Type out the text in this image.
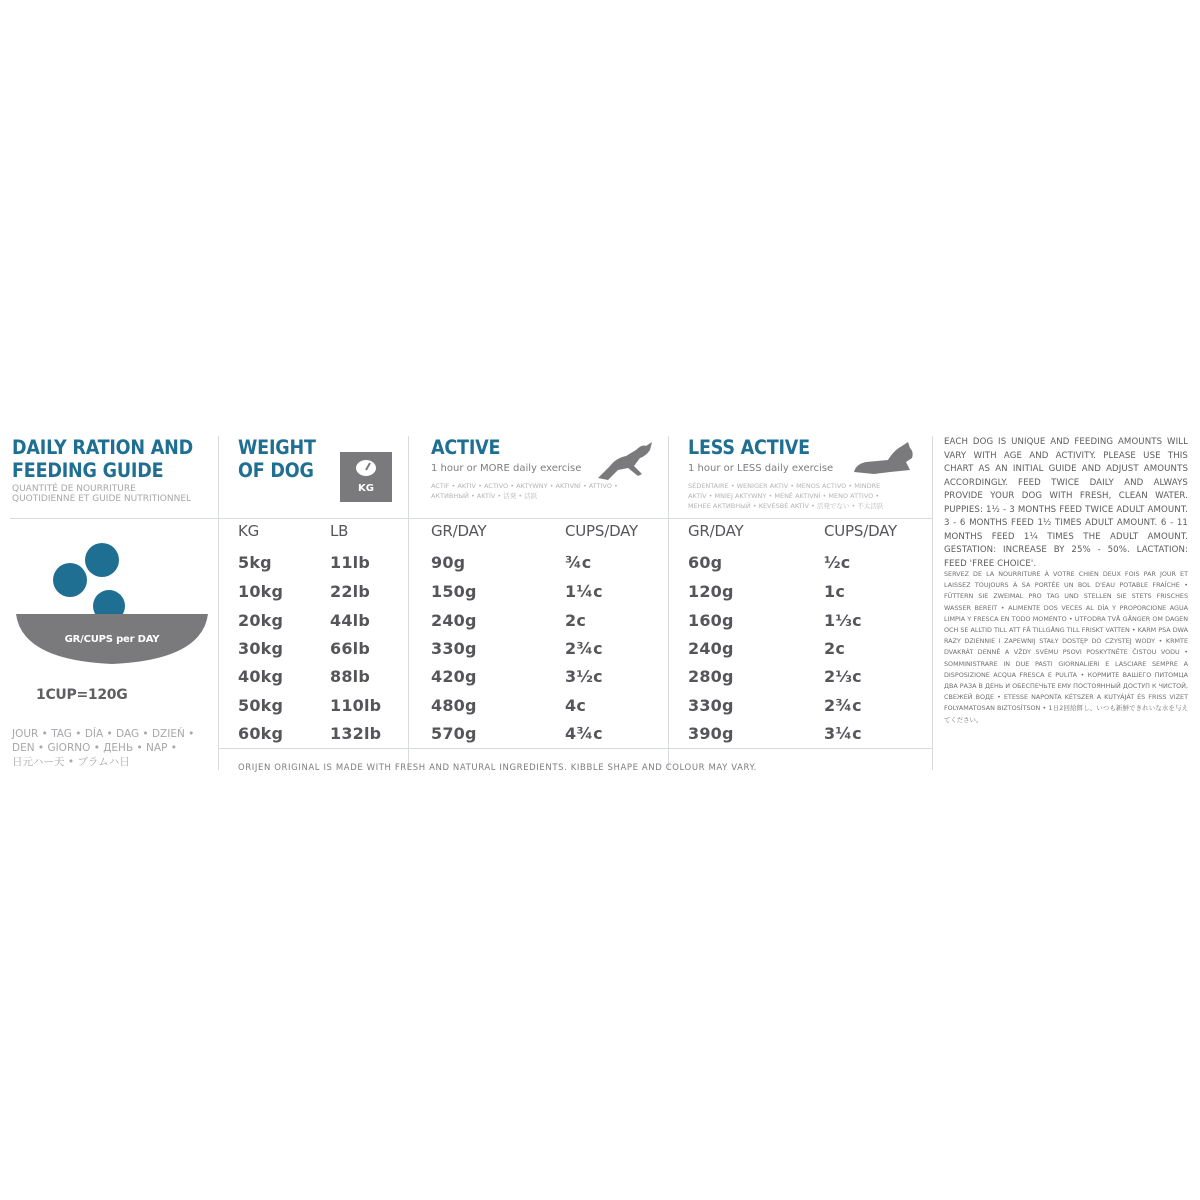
DAILY RATION AND
FEEDING GUIDE
QUANTITÉ DE NOURRITURE
QUOTIDIENNE ET GUIDE NUTRITIONNEL
GR/CUPS per DAY
1CUP=120G
JOUR • TAG • DÍA • DAG • DZIEŃ •
DEN • GIORNO • ДЕНЬ • NAP •
日元ハー天 • ブラムハ日
WEIGHT
OF DOG
KG
ACTIVE
1 hour or MORE daily exercise
ACTIF • AKTIV • ACTIVO • AKTYWNY • AKTIVNÍ • ATTIVO •
АКТИВНЫЙ • AKTÍV • 活発 • 活跃
LESS ACTIVE
1 hour or LESS daily exercise
SÉDENTAIRE • WENIGER AKTIV • MENOS ACTIVO • MINDRE
AKTIV • MNIEJ AKTYWNY • MÉNĚ AKTIVNÍ • MENO ATTIVO •
МЕНЕЕ АКТИВНЫЙ • KEVÉSBÉ AKTÍV • 活発でない • 不太活跃
KG	LB	GR/DAY	CUPS/DAY	GR/DAY	CUPS/DAY
5kg	11lb	90g	¾c	60g	½c
10kg	22lb	150g	1¼c	120g	1c
20kg	44lb	240g	2c	160g	1⅓c
30kg	66lb	330g	2¾c	240g	2c
40kg	88lb	420g	3½c	280g	2⅓c
50kg	110lb	480g	4c	330g	2¾c
60kg	132lb	570g	4¾c	390g	3¼c
ORIJEN ORIGINAL IS MADE WITH FRESH AND NATURAL INGREDIENTS. KIBBLE SHAPE AND COLOUR MAY VARY.
EACH DOG IS UNIQUE AND FEEDING AMOUNTS WILL VARY WITH AGE AND ACTIVITY. PLEASE USE THIS CHART AS AN INITIAL GUIDE AND ADJUST AMOUNTS ACCORDINGLY. FEED TWICE DAILY AND ALWAYS PROVIDE YOUR DOG WITH FRESH, CLEAN WATER. PUPPIES: 1½ - 3 MONTHS FEED TWICE ADULT AMOUNT. 3 - 6 MONTHS FEED 1½ TIMES ADULT AMOUNT. 6 - 11 MONTHS FEED 1¼ TIMES THE ADULT AMOUNT. GESTATION: INCREASE BY 25% - 50%. LACTATION: FEED 'FREE CHOICE'.
SERVEZ DE LA NOURRITURE À VOTRE CHIEN DEUX FOIS PAR JOUR ET LAISSEZ TOUJOURS À SA PORTÉE UN BOL D'EAU POTABLE FRAÎCHE • FÜTTERN SIE ZWEIMAL PRO TAG UND STELLEN SIE STETS FRISCHES WASSER BEREIT • ALIMENTE DOS VECES AL DÍA Y PROPORCIONE AGUA LIMPIA Y FRESCA EN TODO MOMENTO • UTFODRA TVÅ GÅNGER OM DAGEN OCH SE ALLTID TILL ATT FÅ TILLGÅNG TILL FRISKT VATTEN • KARM PSA DWA RAZY DZIENNIE I ZAPEWNIJ STAŁY DOSTĘP DO CZYSTEJ WODY • KRMTE DVAKRÁT DENNĚ A VŽDY SVÉMU PSOVI POSKYTNĚTE ČISTOU VODU • SOMMINISTRARE IN DUE PASTI GIORNALIERI E LASCIARE SEMPRE A DISPOSIZIONE ACQUA FRESCA E PULITA • КОРМИТЕ ВАШЕГО ПИТОМЦА ДВА РАЗА В ДЕНЬ И ОБЕСПЕЧЬТЕ ЕМУ ПОСТОЯННЫЙ ДОСТУП К ЧИСТОЙ, СВЕЖЕЙ ВОДЕ • ETESSE NAPONTA KÉTSZER A KUTYÁJÁT ÉS FRISS VIZET FOLYAMATOSAN BIZTOSÍTSON • 1日2回給餌し、いつも新鮮できれいな水を与えてください。
